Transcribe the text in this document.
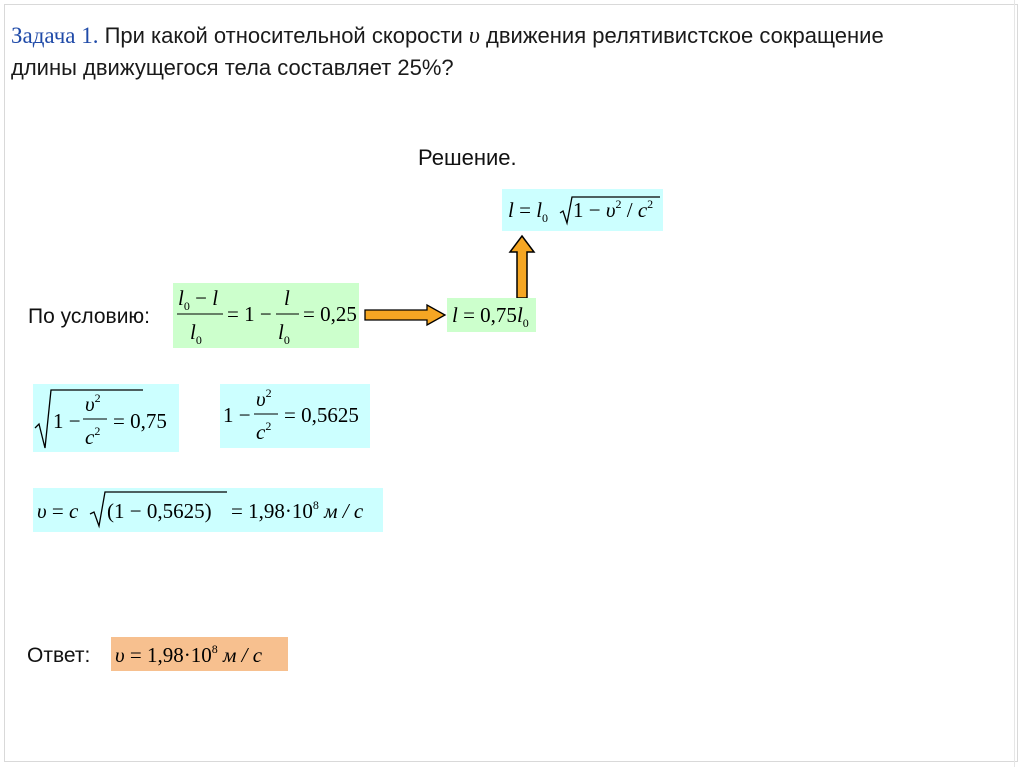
Задача 1. При какой относительной скорости υ движения релятивистское сокращение
длины движущегося тела составляет 25%?
Решение.
$l = l_0$ $1 - \upsilon^2 / c^2$
По условию:
$l_0 - l$
$l_0$
= 1 −
l
$l_0$
= 0,25	$l = 0,75l_0$
1 −
$\upsilon^2$
$c^2 = 0,75$	1 −
$\upsilon^2$
$c^2 = 0,5625$
υ = c $(1 - 0,5625) = 1,98\cdot 10^8$ м / с
Ответ: $\upsilon = 1,98\cdot 10^8$ м / с
